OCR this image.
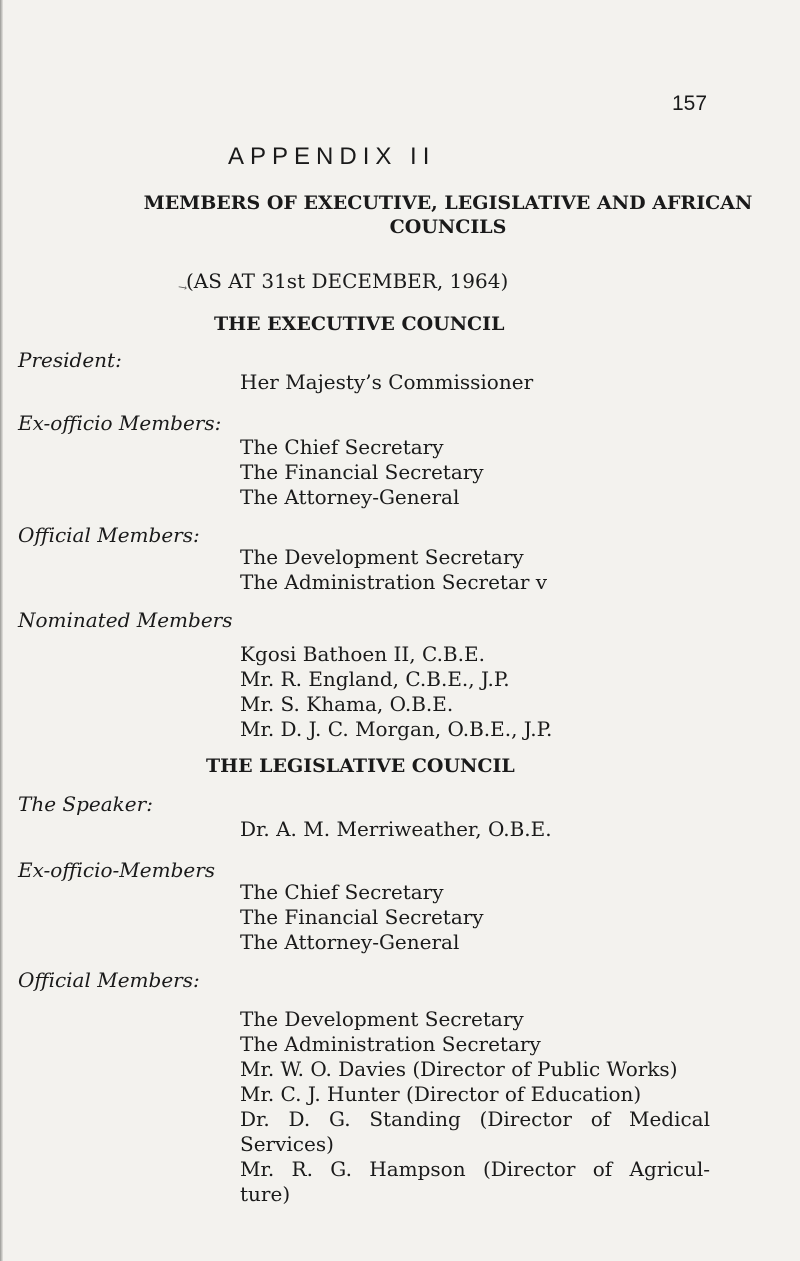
↘
157
APPENDIX II
MEMBERS OF EXECUTIVE, LEGISLATIVE AND AFRICAN
COUNCILS
(AS AT 31st DECEMBER, 1964)
THE EXECUTIVE COUNCIL
President:
Her Majesty’s Commissioner
Ex-officio Members:
The Chief Secretary
The Financial Secretary
The Attorney-General
Official Members:
The Development Secretary
The Administration Secretar v
Nominated Members
Kgosi Bathoen II, C.B.E.
Mr. R. England, C.B.E., J.P.
Mr. S. Khama, O.B.E.
Mr. D. J. C. Morgan, O.B.E., J.P.
THE LEGISLATIVE COUNCIL
The Speaker:
Dr. A. M. Merriweather, O.B.E.
Ex-officio-Members
The Chief Secretary
The Financial Secretary
The Attorney-General
Official Members:
The Development Secretary
The Administration Secretary
Mr. W. O. Davies (Director of Public Works)
Mr. C. J. Hunter (Director of Education)
Dr. D. G. Standing (Director of Medical
Services)
Mr. R. G. Hampson (Director of Agricul-
ture)
